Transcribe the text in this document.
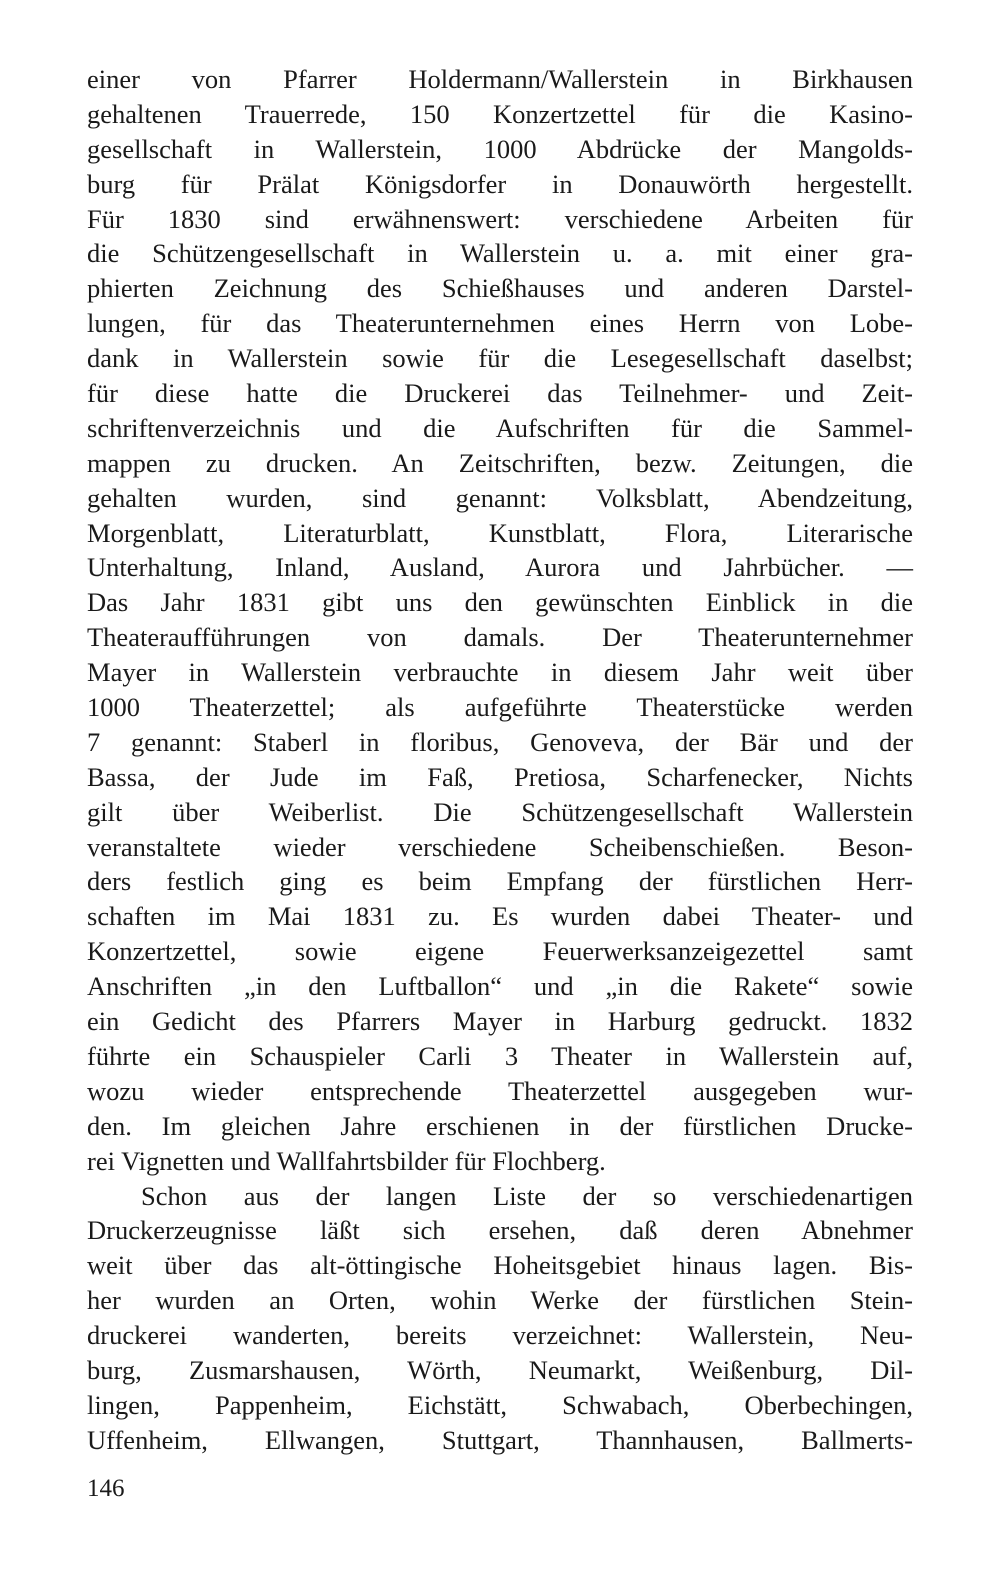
einer von Pfarrer Holdermann/Wallerstein in Birkhausen
gehaltenen Trauerrede, 150 Konzertzettel für die Kasino-
gesellschaft in Wallerstein, 1000 Abdrücke der Mangolds-
burg für Prälat Königsdorfer in Donauwörth hergestellt.
Für 1830 sind erwähnenswert: verschiedene Arbeiten für
die Schützengesellschaft in Wallerstein u. a. mit einer gra-
phierten Zeichnung des Schießhauses und anderen Darstel-
lungen, für das Theaterunternehmen eines Herrn von Lobe-
dank in Wallerstein sowie für die Lesegesellschaft daselbst;
für diese hatte die Druckerei das Teilnehmer- und Zeit-
schriftenverzeichnis und die Aufschriften für die Sammel-
mappen zu drucken. An Zeitschriften, bezw. Zeitungen, die
gehalten wurden, sind genannt: Volksblatt, Abendzeitung,
Morgenblatt, Literaturblatt, Kunstblatt, Flora, Literarische
Unterhaltung, Inland, Ausland, Aurora und Jahrbücher. —
Das Jahr 1831 gibt uns den gewünschten Einblick in die
Theateraufführungen von damals. Der Theaterunternehmer
Mayer in Wallerstein verbrauchte in diesem Jahr weit über
1000 Theaterzettel; als aufgeführte Theaterstücke werden
7 genannt: Staberl in floribus, Genoveva, der Bär und der
Bassa, der Jude im Faß, Pretiosa, Scharfenecker, Nichts
gilt über Weiberlist. Die Schützengesellschaft Wallerstein
veranstaltete wieder verschiedene Scheibenschießen. Beson-
ders festlich ging es beim Empfang der fürstlichen Herr-
schaften im Mai 1831 zu. Es wurden dabei Theater- und
Konzertzettel, sowie eigene Feuerwerksanzeigezettel samt
Anschriften „in den Luftballon“ und „in die Rakete“ sowie
ein Gedicht des Pfarrers Mayer in Harburg gedruckt. 1832
führte ein Schauspieler Carli 3 Theater in Wallerstein auf,
wozu wieder entsprechende Theaterzettel ausgegeben wur-
den. Im gleichen Jahre erschienen in der fürstlichen Drucke-
rei Vignetten und Wallfahrtsbilder für Flochberg.
Schon aus der langen Liste der so verschiedenartigen
Druckerzeugnisse läßt sich ersehen, daß deren Abnehmer
weit über das alt-öttingische Hoheitsgebiet hinaus lagen. Bis-
her wurden an Orten, wohin Werke der fürstlichen Stein-
druckerei wanderten, bereits verzeichnet: Wallerstein, Neu-
burg, Zusmarshausen, Wörth, Neumarkt, Weißenburg, Dil-
lingen, Pappenheim, Eichstätt, Schwabach, Oberbechingen,
Uffenheim, Ellwangen, Stuttgart, Thannhausen, Ballmerts-
146
